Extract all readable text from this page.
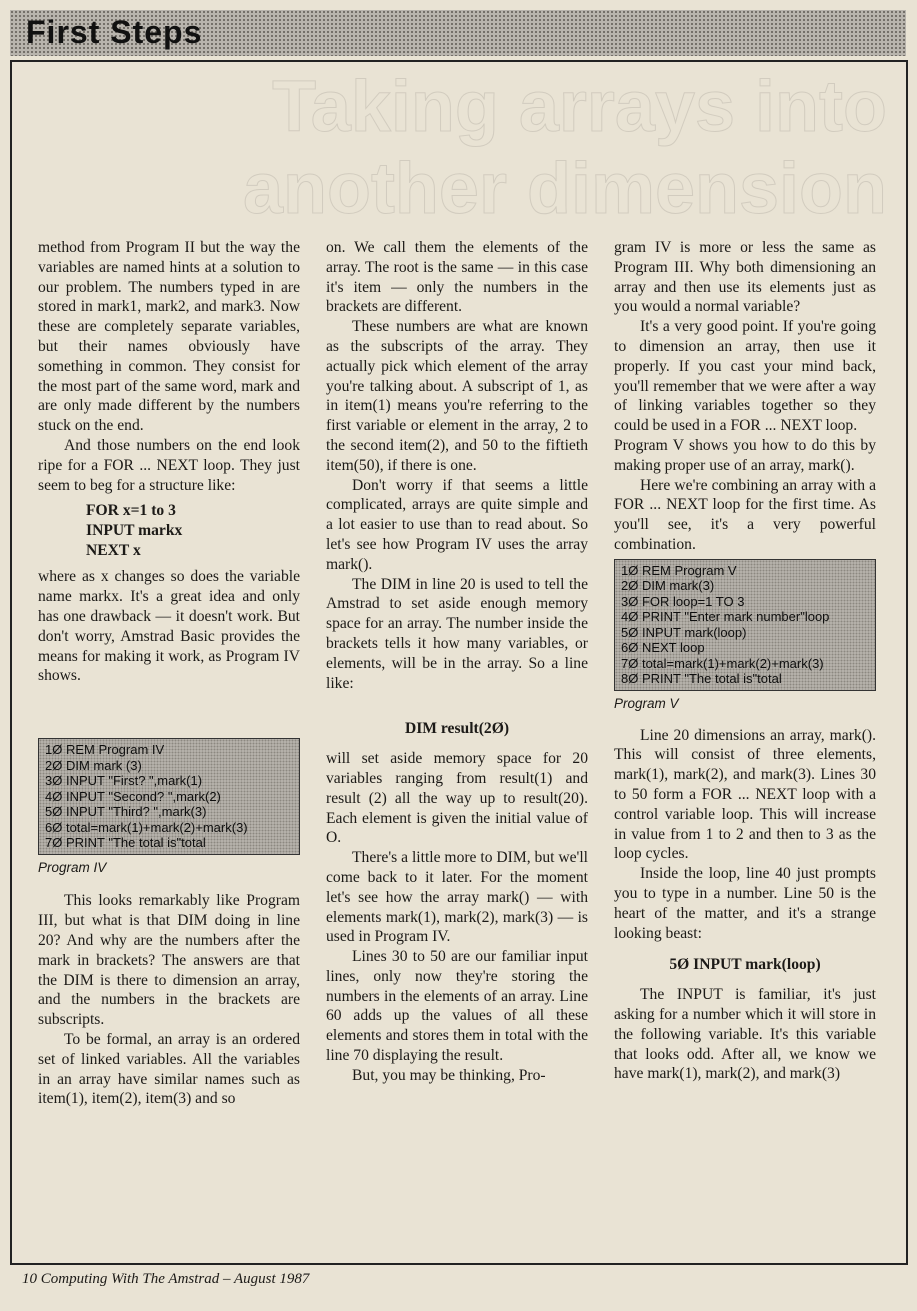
First Steps
Taking arrays into
another dimension

method from Program II but the way the variables are named hints at a solution to our problem. The numbers typed in are stored in mark1, mark2, and mark3. Now these are completely separate variables, but their names obviously have something in common. They consist for the most part of the same word, mark and are only made different by the numbers stuck on the end.

And those numbers on the end look ripe for a FOR ... NEXT loop. They just seem to beg for a structure like:

FOR x=1 to 3
INPUT markx
NEXT x

where as x changes so does the variable name markx. It's a great idea and only has one drawback — it doesn't work. But don't worry, Amstrad Basic provides the means for making it work, as Program IV shows.

1Ø REM Program IV
2Ø DIM mark (3)
3Ø INPUT "First? ",mark(1)
4Ø INPUT "Second? ",mark(2)
5Ø INPUT "Third? ",mark(3)
6Ø total=mark(1)+mark(2)+mark(3)
7Ø PRINT "The total is"total
Program IV

This looks remarkably like Program III, but what is that DIM doing in line 20? And why are the numbers after the mark in brackets? The answers are that the DIM is there to dimension an array, and the numbers in the brackets are subscripts.

To be formal, an array is an ordered set of linked variables. All the variables in an array have similar names such as item(1), item(2), item(3) and so

on. We call them the elements of the array. The root is the same — in this case it's item — only the numbers in the brackets are different.

These numbers are what are known as the subscripts of the array. They actually pick which element of the array you're talking about. A subscript of 1, as in item(1) means you're referring to the first variable or element in the array, 2 to the second item(2), and 50 to the fiftieth item(50), if there is one.

Don't worry if that seems a little complicated, arrays are quite simple and a lot easier to use than to read about. So let's see how Program IV uses the array mark().

The DIM in line 20 is used to tell the Amstrad to set aside enough memory space for an array. The number inside the brackets tells it how many variables, or elements, will be in the array. So a line like:

DIM result(2Ø)

will set aside memory space for 20 variables ranging from result(1) and result (2) all the way up to result(20). Each element is given the initial value of O.

There's a little more to DIM, but we'll come back to it later. For the moment let's see how the array mark() — with elements mark(1), mark(2), mark(3) — is used in Program IV.

Lines 30 to 50 are our familiar input lines, only now they're storing the numbers in the elements of an array. Line 60 adds up the values of all these elements and stores them in total with the line 70 displaying the result.

But, you may be thinking, Pro-

gram IV is more or less the same as Program III. Why both dimensioning an array and then use its elements just as you would a normal variable?

It's a very good point. If you're going to dimension an array, then use it properly. If you cast your mind back, you'll remember that we were after a way of linking variables together so they could be used in a FOR ... NEXT loop.

Program V shows you how to do this by making proper use of an array, mark().

Here we're combining an array with a FOR ... NEXT loop for the first time. As you'll see, it's a very powerful combination.

1Ø REM Program V
2Ø DIM mark(3)
3Ø FOR loop=1 TO 3
4Ø PRINT "Enter mark number"loop
5Ø INPUT mark(loop)
6Ø NEXT loop
7Ø total=mark(1)+mark(2)+mark(3)
8Ø PRINT "The total is"total
Program V

Line 20 dimensions an array, mark(). This will consist of three elements, mark(1), mark(2), and mark(3). Lines 30 to 50 form a FOR ... NEXT loop with a control variable loop. This will increase in value from 1 to 2 and then to 3 as the loop cycles.

Inside the loop, line 40 just prompts you to type in a number. Line 50 is the heart of the matter, and it's a strange looking beast:

5Ø INPUT mark(loop)

The INPUT is familiar, it's just asking for a number which it will store in the following variable. It's this variable that looks odd. After all, we know we have mark(1), mark(2), and mark(3)

10 Computing With The Amstrad – August 1987
